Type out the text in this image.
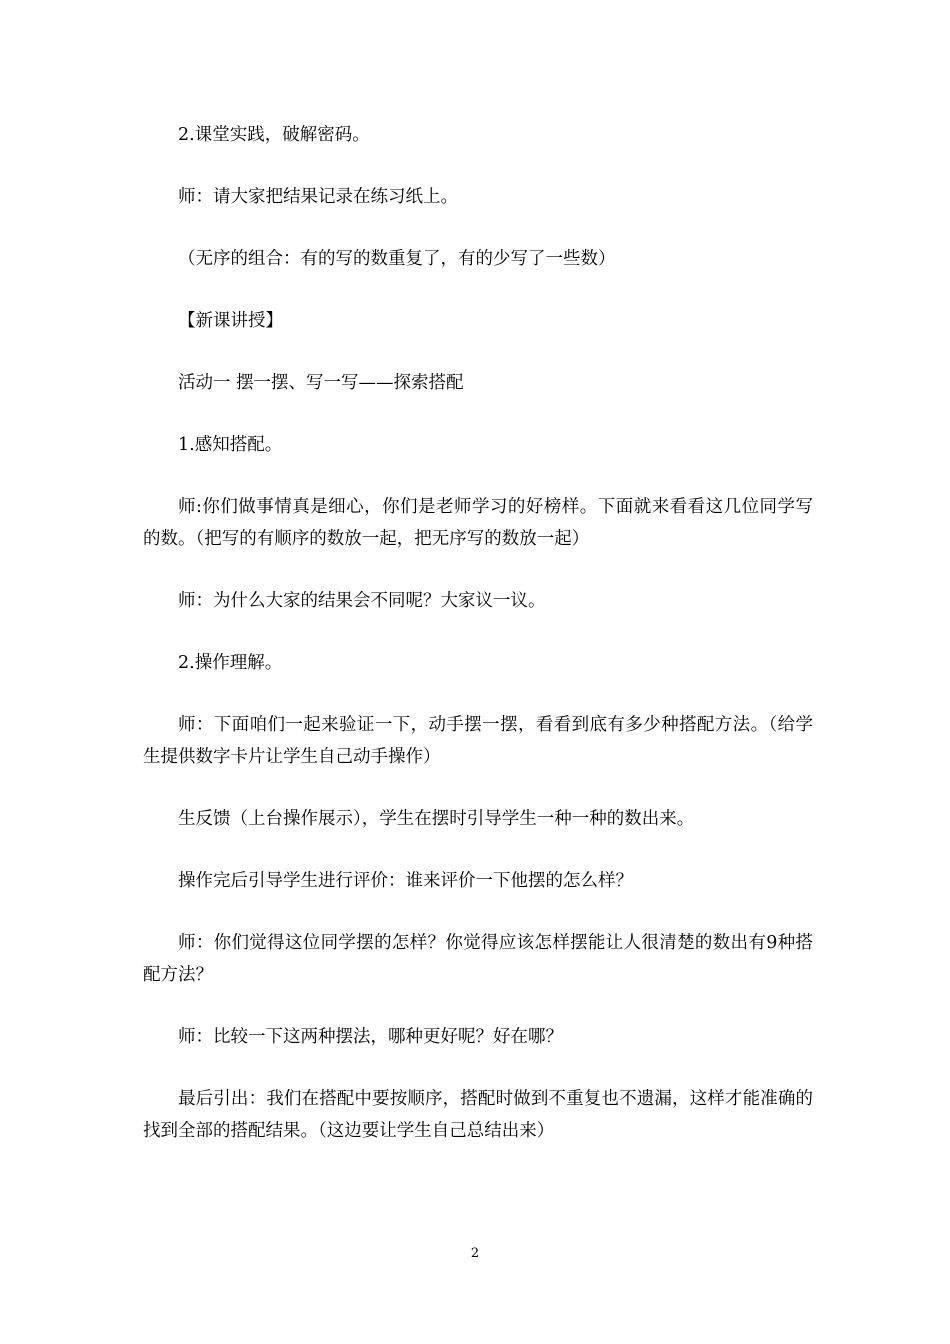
2.课堂实践，破解密码。

师：请大家把结果记录在练习纸上。

（无序的组合：有的写的数重复了，有的少写了一些数）

【新课讲授】

活动一 摆一摆、写一写——探索搭配

1.感知搭配。

师:你们做事情真是细心，你们是老师学习的好榜样。下面就来看看这几位同学写的数。（把写的有顺序的数放一起，把无序写的数放一起）

师：为什么大家的结果会不同呢？大家议一议。

2.操作理解。

师：下面咱们一起来验证一下，动手摆一摆，看看到底有多少种搭配方法。（给学生提供数字卡片让学生自己动手操作）

生反馈（上台操作展示），学生在摆时引导学生一种一种的数出来。

操作完后引导学生进行评价：谁来评价一下他摆的怎么样？

师：你们觉得这位同学摆的怎样？你觉得应该怎样摆能让人很清楚的数出有9种搭配方法？

师：比较一下这两种摆法，哪种更好呢？好在哪？

最后引出：我们在搭配中要按顺序，搭配时做到不重复也不遗漏，这样才能准确的找到全部的搭配结果。（这边要让学生自己总结出来）

2
